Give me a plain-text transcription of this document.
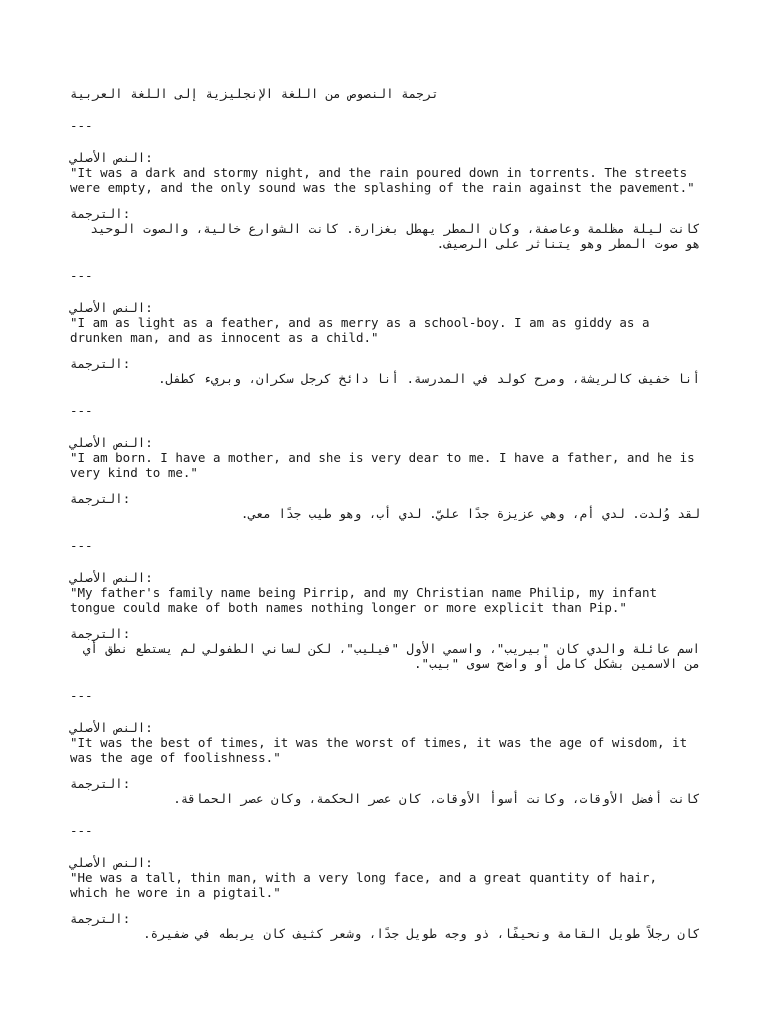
ترجمة النصوص من اللغة الإنجليزية إلى اللغة العربية

---

النص الأصلي:

"It was a dark and stormy night, and the rain poured down in torrents. The streets were empty, and the only sound was the splashing of the rain against the pavement."

الترجمة:

كانت ليلة مظلمة وعاصفة، وكان المطر يهطل بغزارة. كانت الشوارع خالية، والصوت الوحيد هو صوت المطر وهو يتناثر على الرصيف.

---

النص الأصلي:

"I am as light as a feather, and as merry as a school-boy. I am as giddy as a drunken man, and as innocent as a child."

الترجمة:

أنا خفيف كالريشة، ومرح كولد في المدرسة. أنا دائخ كرجل سكران، وبريء كطفل.

---

النص الأصلي:

"I am born. I have a mother, and she is very dear to me. I have a father, and he is very kind to me."

الترجمة:

لقد وُلدت. لدي أم، وهي عزيزة جدًا عليّ. لدي أب، وهو طيب جدًا معي.

---

النص الأصلي:

"My father's family name being Pirrip, and my Christian name Philip, my infant tongue could make of both names nothing longer or more explicit than Pip."

الترجمة:

اسم عائلة والدي كان "بيريب"، واسمي الأول "فيليب"، لكن لساني الطفولي لم يستطع نطق أي من الاسمين بشكل كامل أو واضح سوى "بيب".

---

النص الأصلي:

"It was the best of times, it was the worst of times, it was the age of wisdom, it was the age of foolishness."

الترجمة:

كانت أفضل الأوقات، وكانت أسوأ الأوقات، كان عصر الحكمة، وكان عصر الحماقة.

---

النص الأصلي:

"He was a tall, thin man, with a very long face, and a great quantity of hair, which he wore in a pigtail."

الترجمة:

كان رجلاً طويل القامة ونحيفًا، ذو وجه طويل جدًا، وشعر كثيف كان يربطه في ضفيرة.
